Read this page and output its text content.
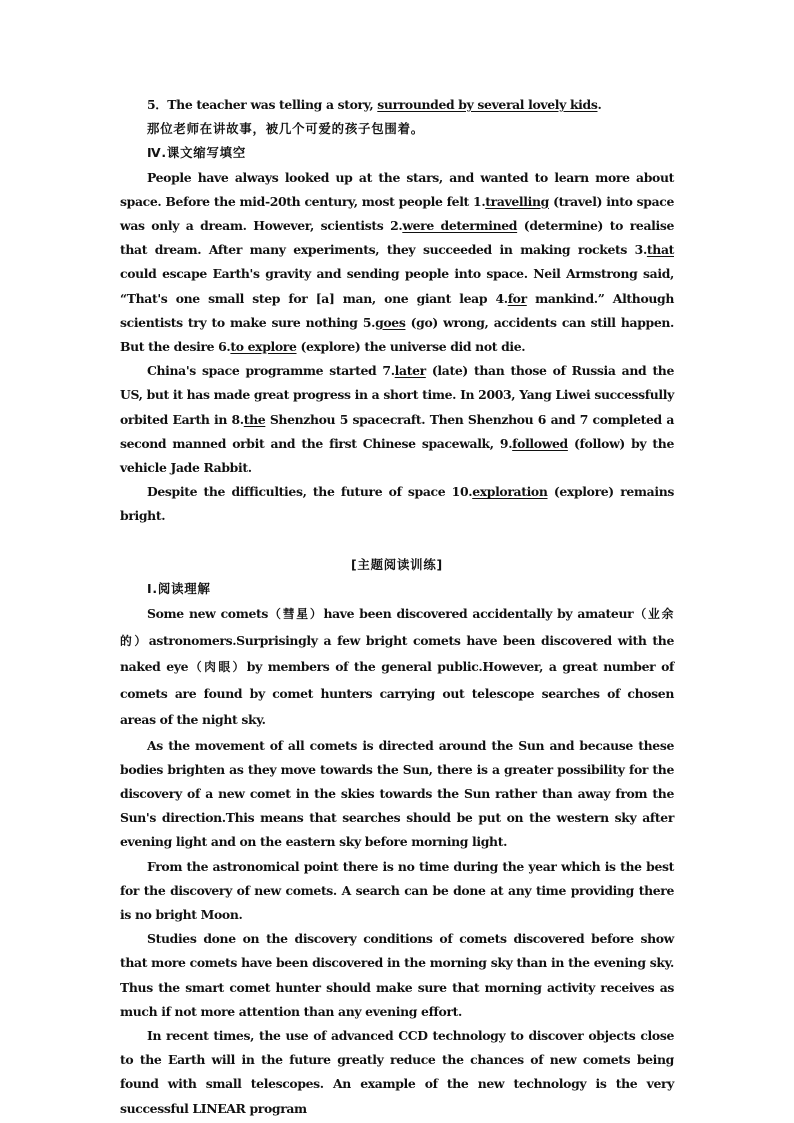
5．The teacher was telling a story, surrounded by several lovely kids.

那位老师在讲故事，被几个可爱的孩子包围着。

Ⅳ.课文缩写填空

People have always looked up at the stars, and wanted to learn more about space. Before the mid-20th century, most people felt 1.travelling (travel) into space was only a dream. However, scientists 2.were determined (determine) to realise that dream. After many experiments, they succeeded in making rockets 3.that could escape Earth's gravity and sending people into space. Neil Armstrong said, “That's one small step for [a] man, one giant leap 4.for mankind.” Although scientists try to make sure nothing 5.goes (go) wrong, accidents can still happen. But the desire 6.to explore (explore) the universe did not die.

China's space programme started 7.later (late) than those of Russia and the US, but it has made great progress in a short time. In 2003, Yang Liwei successfully orbited Earth in 8.the Shenzhou 5 spacecraft. Then Shenzhou 6 and 7 completed a second manned orbit and the first Chinese spacewalk, 9.followed (follow) by the vehicle Jade Rabbit.

Despite the difficulties, the future of space 10.exploration (explore) remains bright.

[主题阅读训练]

Ⅰ.阅读理解

Some new comets（彗星）have been discovered accidentally by amateur（业余的）astronomers.Surprisingly a few bright comets have been discovered with the naked eye（肉眼）by members of the general public.However, a great number of comets are found by comet hunters carrying out telescope searches of chosen areas of the night sky.

As the movement of all comets is directed around the Sun and because these bodies brighten as they move towards the Sun, there is a greater possibility for the discovery of a new comet in the skies towards the Sun rather than away from the Sun's direction.This means that searches should be put on the western sky after evening light and on the eastern sky before morning light.

From the astronomical point there is no time during the year which is the best for the discovery of new comets. A search can be done at any time providing there is no bright Moon.

Studies done on the discovery conditions of comets discovered before show that more comets have been discovered in the morning sky than in the evening sky. Thus the smart comet hunter should make sure that morning activity receives as much if not more attention than any evening effort.

In recent times, the use of advanced CCD technology to discover objects close to the Earth will in the future greatly reduce the chances of new comets being found with small telescopes. An example of the new technology is the very successful LINEAR program
